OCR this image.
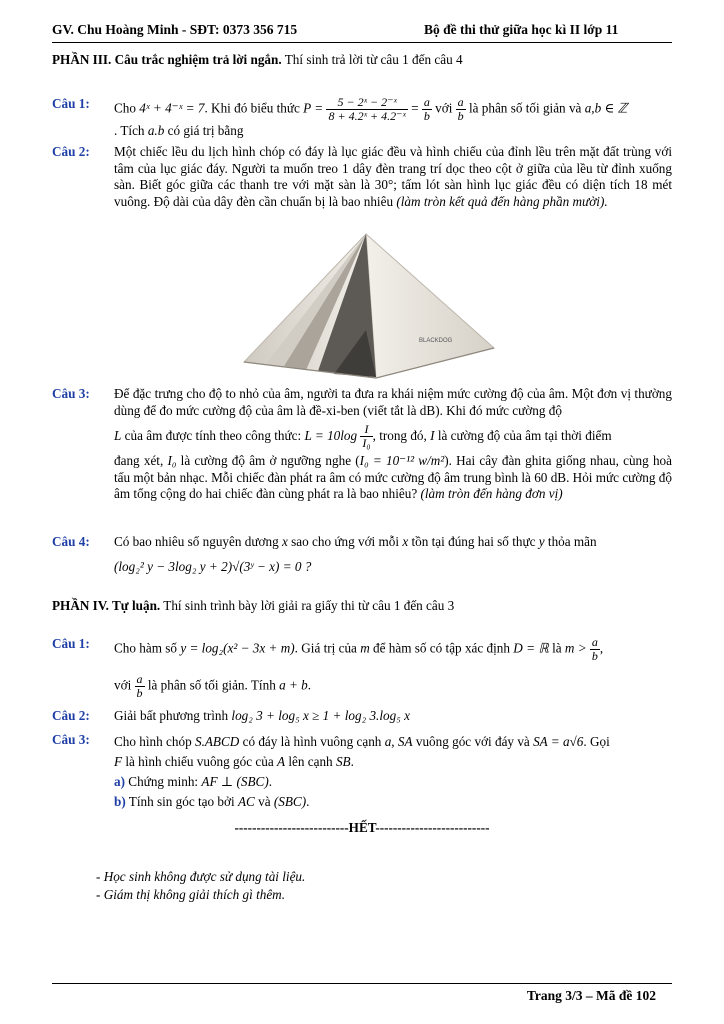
GV. Chu Hoàng Minh - SĐT: 0373 356 715	Bộ đề thi thử giữa học kì II lớp 11
PHẦN III. Câu trắc nghiệm trả lời ngắn. Thí sinh trả lời từ câu 1 đến câu 4
Câu 1:	Cho 4ˣ + 4⁻ˣ = 7. Khi đó biểu thức $P = \frac{\text{5 − 2ˣ − 2⁻ˣ}}{\text{8 + 4.2ˣ + 4.2⁻ˣ}} = \frac{a}{b}$ với $\frac{a}{b}$ là phân số tối giản và a,b ∈ ℤ
. Tích a.b có giá trị bằng
Câu 2:	Một chiếc lều du lịch hình chóp có đáy là lục giác đều và hình chiếu của đỉnh lều trên mặt đất trùng với tâm của lục giác đáy. Người ta muốn treo 1 dây đèn trang trí dọc theo cột ở giữa của lều từ đỉnh xuống sàn. Biết góc giữa các thanh tre với mặt sàn là 30°; tấm lót sàn hình lục giác đều có diện tích 18 mét vuông. Độ dài của dây đèn cần chuẩn bị là bao nhiêu (làm tròn kết quả đến hàng phần mười).
BLACKDOG
Câu 3:	Để đặc trưng cho độ to nhỏ của âm, người ta đưa ra khái niệm mức cường độ của âm. Một đơn vị thường dùng để đo mức cường độ của âm là đề-xi-ben (viết tắt là dB). Khi đó mức cường độ
L của âm được tính theo công thức: $L = 10\log \frac{I}{\text{I₀}}$ , trong đó, I là cường độ của âm tại thời điểm
đang xét, I₀ là cường độ âm ở ngưỡng nghe (I₀ = 10⁻¹² w/m²). Hai cây đàn ghita giống nhau, cùng hoà tấu một bản nhạc. Mỗi chiếc đàn phát ra âm có mức cường độ âm trung bình là 60 dB. Hỏi mức cường độ âm tổng cộng do hai chiếc đàn cùng phát ra là bao nhiêu? (làm tròn đến hàng đơn vị)
Câu 4:	Có bao nhiêu số nguyên dương x sao cho ứng với mỗi x tồn tại đúng hai số thực y thỏa mãn
(log₂² y − 3log₂ y + 2)√(3ʸ − x) = 0 ?
PHẦN IV. Tự luận. Thí sinh trình bày lời giải ra giấy thi từ câu 1 đến câu 3
Câu 1:	Cho hàm số y = log₂(x² − 3x + m). Giá trị của m để hàm số có tập xác định D = ℝ là $m > \frac{a}{b}$ ,
với $\frac{a}{b}$ là phân số tối giản. Tính a + b.
Câu 2:	Giải bất phương trình log₂ 3 + log₅ x ≥ 1 + log₂ 3.log₅ x
Câu 3:	Cho hình chóp S.ABCD có đáy là hình vuông cạnh a, SA vuông góc với đáy và SA = a√6. Gọi
F là hình chiếu vuông góc của A lên cạnh SB.
a) Chứng minh: AF ⊥ (SBC).
b) Tính sin góc tạo bởi AC và (SBC).
--------------------------HẾT--------------------------
- Học sinh không được sử dụng tài liệu.
- Giám thị không giải thích gì thêm.
Trang 3/3 – Mã đề 102
